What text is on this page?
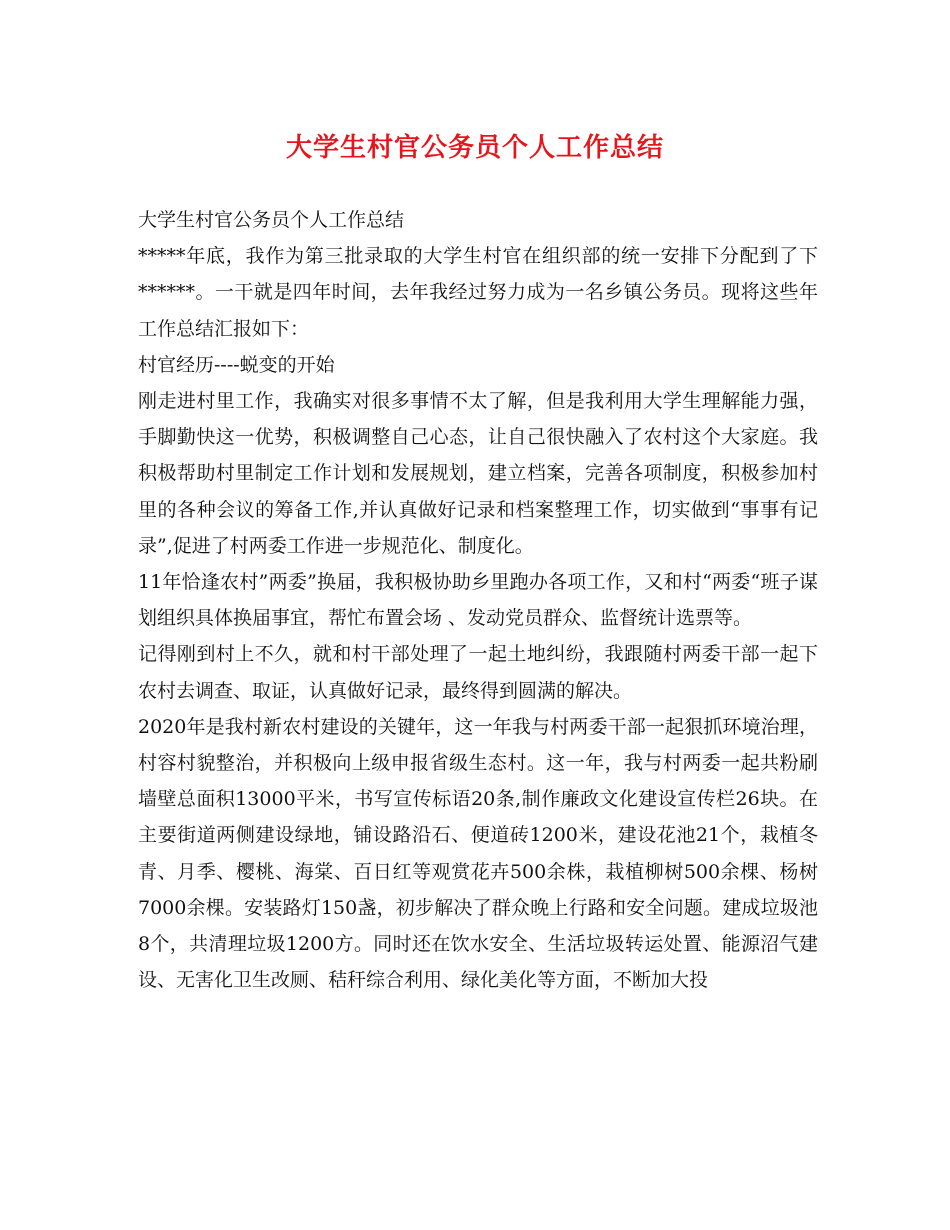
大学生村官公务员个人工作总结

大学生村官公务员个人工作总结

*****年底，我作为第三批录取的大学生村官在组织部的统一安排下分配到了下******。一干就是四年时间，去年我经过努力成为一名乡镇公务员。现将这些年工作总结汇报如下：

村官经历----蜕变的开始

刚走进村里工作，我确实对很多事情不太了解，但是我利用大学生理解能力强，手脚勤快这一优势，积极调整自己心态，让自己很快融入了农村这个大家庭。我积极帮助村里制定工作计划和发展规划，建立档案，完善各项制度，积极参加村里的各种会议的筹备工作,并认真做好记录和档案整理工作，切实做到“事事有记录”,促进了村两委工作进一步规范化、制度化。

11年恰逢农村”两委”换届，我积极协助乡里跑办各项工作，又和村“两委“班子谋划组织具体换届事宜，帮忙布置会场 、发动党员群众、监督统计选票等。

记得刚到村上不久，就和村干部处理了一起土地纠纷，我跟随村两委干部一起下农村去调查、取证，认真做好记录，最终得到圆满的解决。

2020年是我村新农村建设的关键年，这一年我与村两委干部一起狠抓环境治理，村容村貌整治，并积极向上级申报省级生态村。这一年，我与村两委一起共粉刷墙壁总面积13000平米，书写宣传标语20条,制作廉政文化建设宣传栏26块。在主要街道两侧建设绿地，铺设路沿石、便道砖1200米，建设花池21个，栽植冬青、月季、樱桃、海棠、百日红等观赏花卉500余株，栽植柳树500余棵、杨树7000余棵。安装路灯150盏，初步解决了群众晚上行路和安全问题。建成垃圾池8个，共清理垃圾1200方。同时还在饮水安全、生活垃圾转运处置、能源沼气建设、无害化卫生改厕、秸秆综合利用、绿化美化等方面，不断加大投
